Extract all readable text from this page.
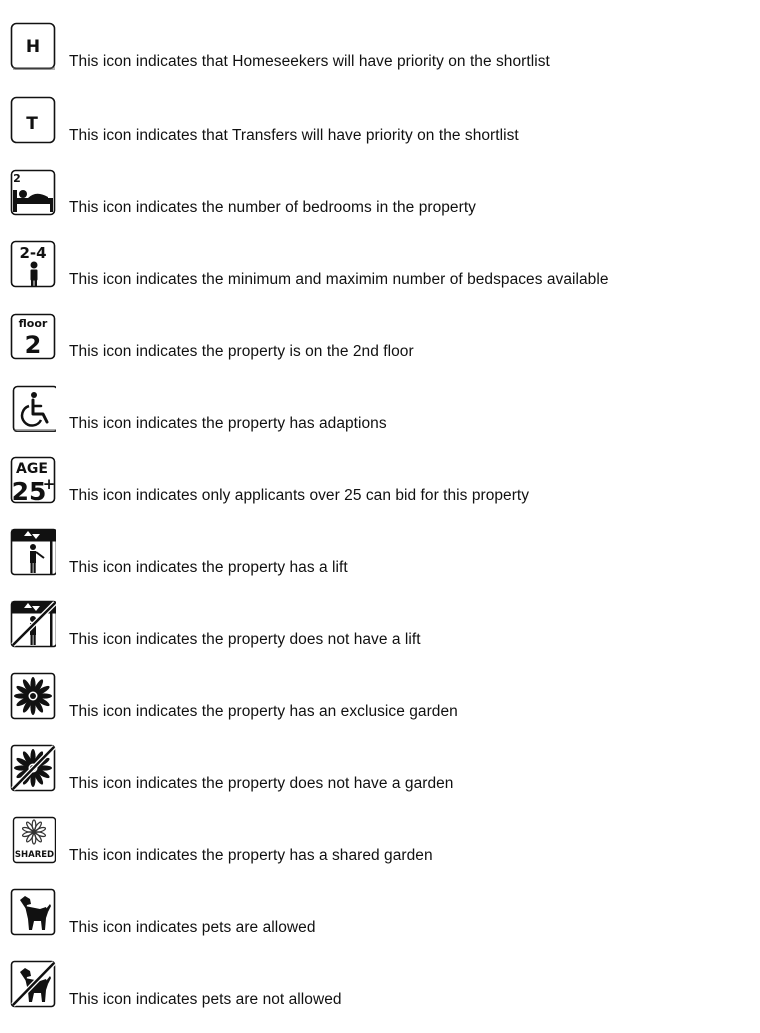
H
This icon indicates that Homeseekers will have priority on the shortlist
T
This icon indicates that Transfers will have priority on the shortlist
2
This icon indicates the number of bedrooms in the property
2-4
This icon indicates the minimum and maximim number of bedspaces available
floor
2 This icon indicates the property is on the 2nd floor
This icon indicates the property has adaptions
AGE
25
+
This icon indicates only applicants over 25 can bid for this property
This icon indicates the property has a lift
This icon indicates the property does not have a lift
This icon indicates the property has an exclusice garden
This icon indicates the property does not have a garden
SHARED This icon indicates the property has a shared garden
This icon indicates pets are allowed
This icon indicates pets are not allowed
